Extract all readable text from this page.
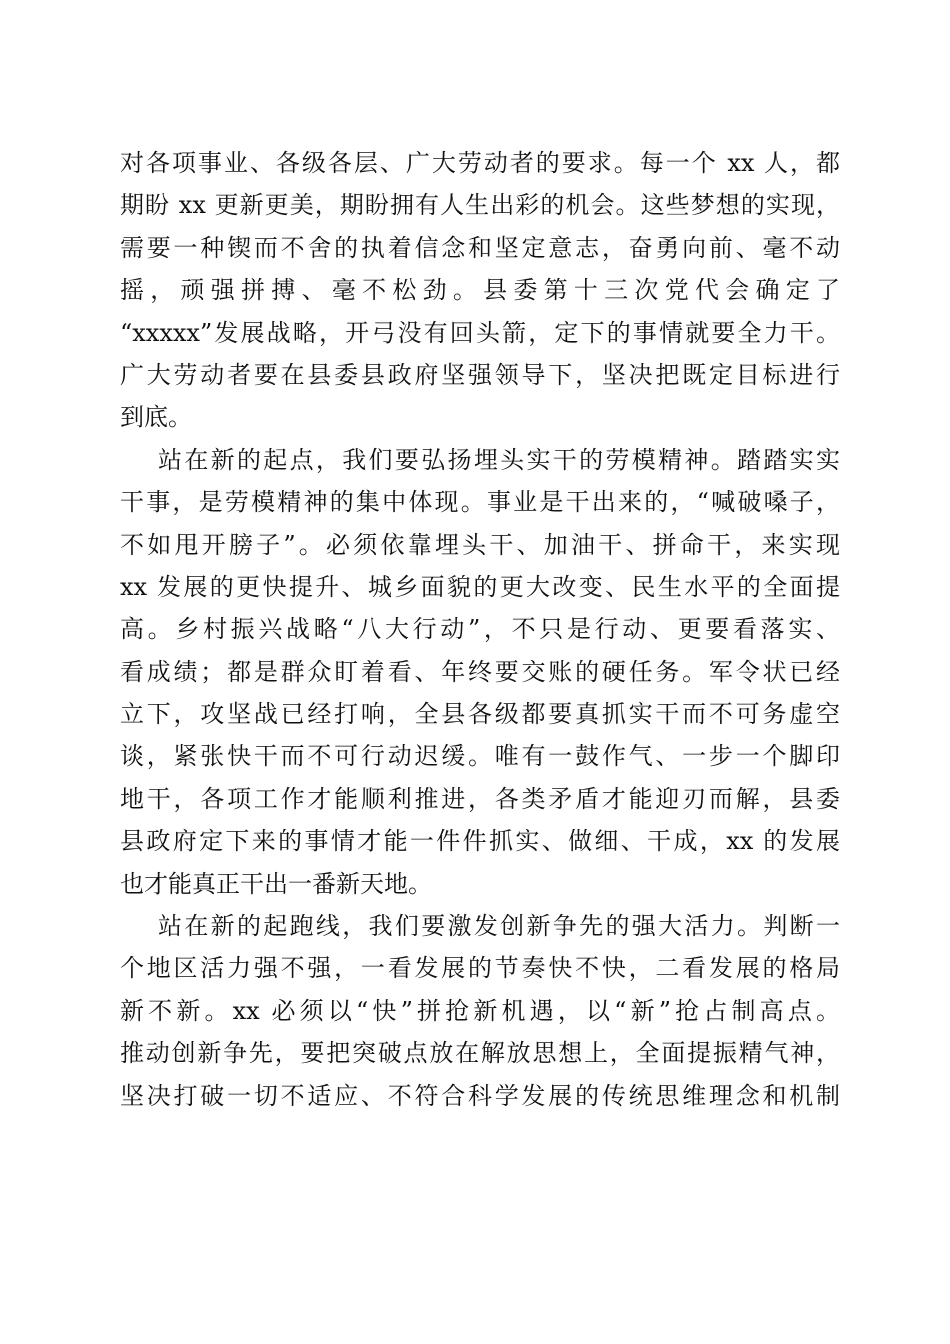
对各项事业、各级各层、广大劳动者的要求。每一个 xx 人，都
期盼 xx 更新更美，期盼拥有人生出彩的机会。这些梦想的实现，
需要一种锲而不舍的执着信念和坚定意志，奋勇向前、毫不动
摇，顽强拼搏、毫不松劲。县委第十三次党代会确定了
“xxxxx”发展战略，开弓没有回头箭，定下的事情就要全力干。
广大劳动者要在县委县政府坚强领导下，坚决把既定目标进行
到底。
站在新的起点，我们要弘扬埋头实干的劳模精神。踏踏实实
干事，是劳模精神的集中体现。事业是干出来的，“喊破嗓子，
不如甩开膀子”。必须依靠埋头干、加油干、拼命干，来实现
xx 发展的更快提升、城乡面貌的更大改变、民生水平的全面提
高。乡村振兴战略“八大行动”，不只是行动、更要看落实、
看成绩；都是群众盯着看、年终要交账的硬任务。军令状已经
立下，攻坚战已经打响，全县各级都要真抓实干而不可务虚空
谈，紧张快干而不可行动迟缓。唯有一鼓作气、一步一个脚印
地干，各项工作才能顺利推进，各类矛盾才能迎刃而解，县委
县政府定下来的事情才能一件件抓实、做细、干成，xx 的发展
也才能真正干出一番新天地。
站在新的起跑线，我们要激发创新争先的强大活力。判断一
个地区活力强不强，一看发展的节奏快不快，二看发展的格局
新不新。xx 必须以“快”拼抢新机遇，以“新”抢占制高点。
推动创新争先，要把突破点放在解放思想上，全面提振精气神，
坚决打破一切不适应、不符合科学发展的传统思维理念和机制
